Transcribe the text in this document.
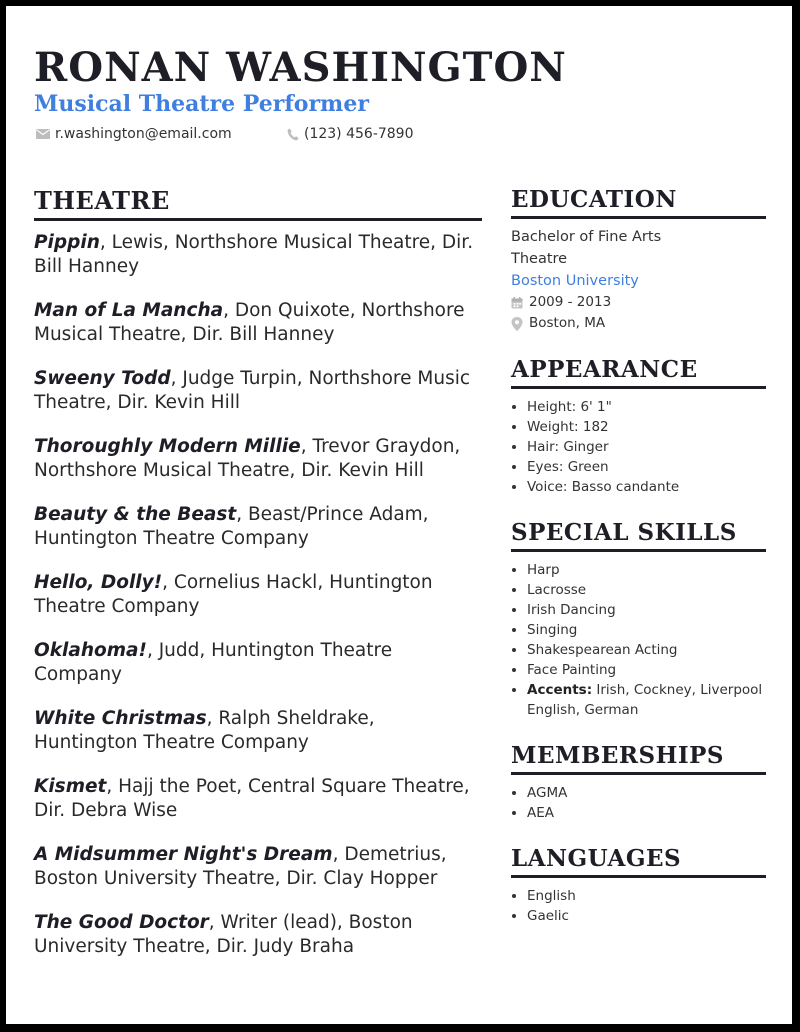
RONAN WASHINGTON
Musical Theatre Performer
r.washington@email.com	(123) 456-7890
THEATRE
Pippin, Lewis, Northshore Musical Theatre, Dir. Bill Hanney
Man of La Mancha, Don Quixote, Northshore Musical Theatre, Dir. Bill Hanney
Sweeny Todd, Judge Turpin, Northshore Music Theatre, Dir. Kevin Hill
Thoroughly Modern Millie, Trevor Graydon, Northshore Musical Theatre, Dir. Kevin Hill
Beauty & the Beast, Beast/Prince Adam, Huntington Theatre Company
Hello, Dolly!, Cornelius Hackl, Huntington Theatre Company
Oklahoma!, Judd, Huntington Theatre Company
White Christmas, Ralph Sheldrake, Huntington Theatre Company
Kismet, Hajj the Poet, Central Square Theatre, Dir. Debra Wise
A Midsummer Night's Dream, Demetrius, Boston University Theatre, Dir. Clay Hopper
The Good Doctor, Writer (lead), Boston University Theatre, Dir. Judy Braha
EDUCATION
Bachelor of Fine Arts
Theatre
Boston University
2009 - 2013
Boston, MA
APPEARANCE
• Height: 6' 1"
• Weight: 182
• Hair: Ginger
• Eyes: Green
• Voice: Basso candante
SPECIAL SKILLS
• Harp
• Lacrosse
• Irish Dancing
• Singing
• Shakespearean Acting
• Face Painting
• Accents: Irish, Cockney, Liverpool English, German
MEMBERSHIPS
• AGMA
• AEA
LANGUAGES
• English
• Gaelic
